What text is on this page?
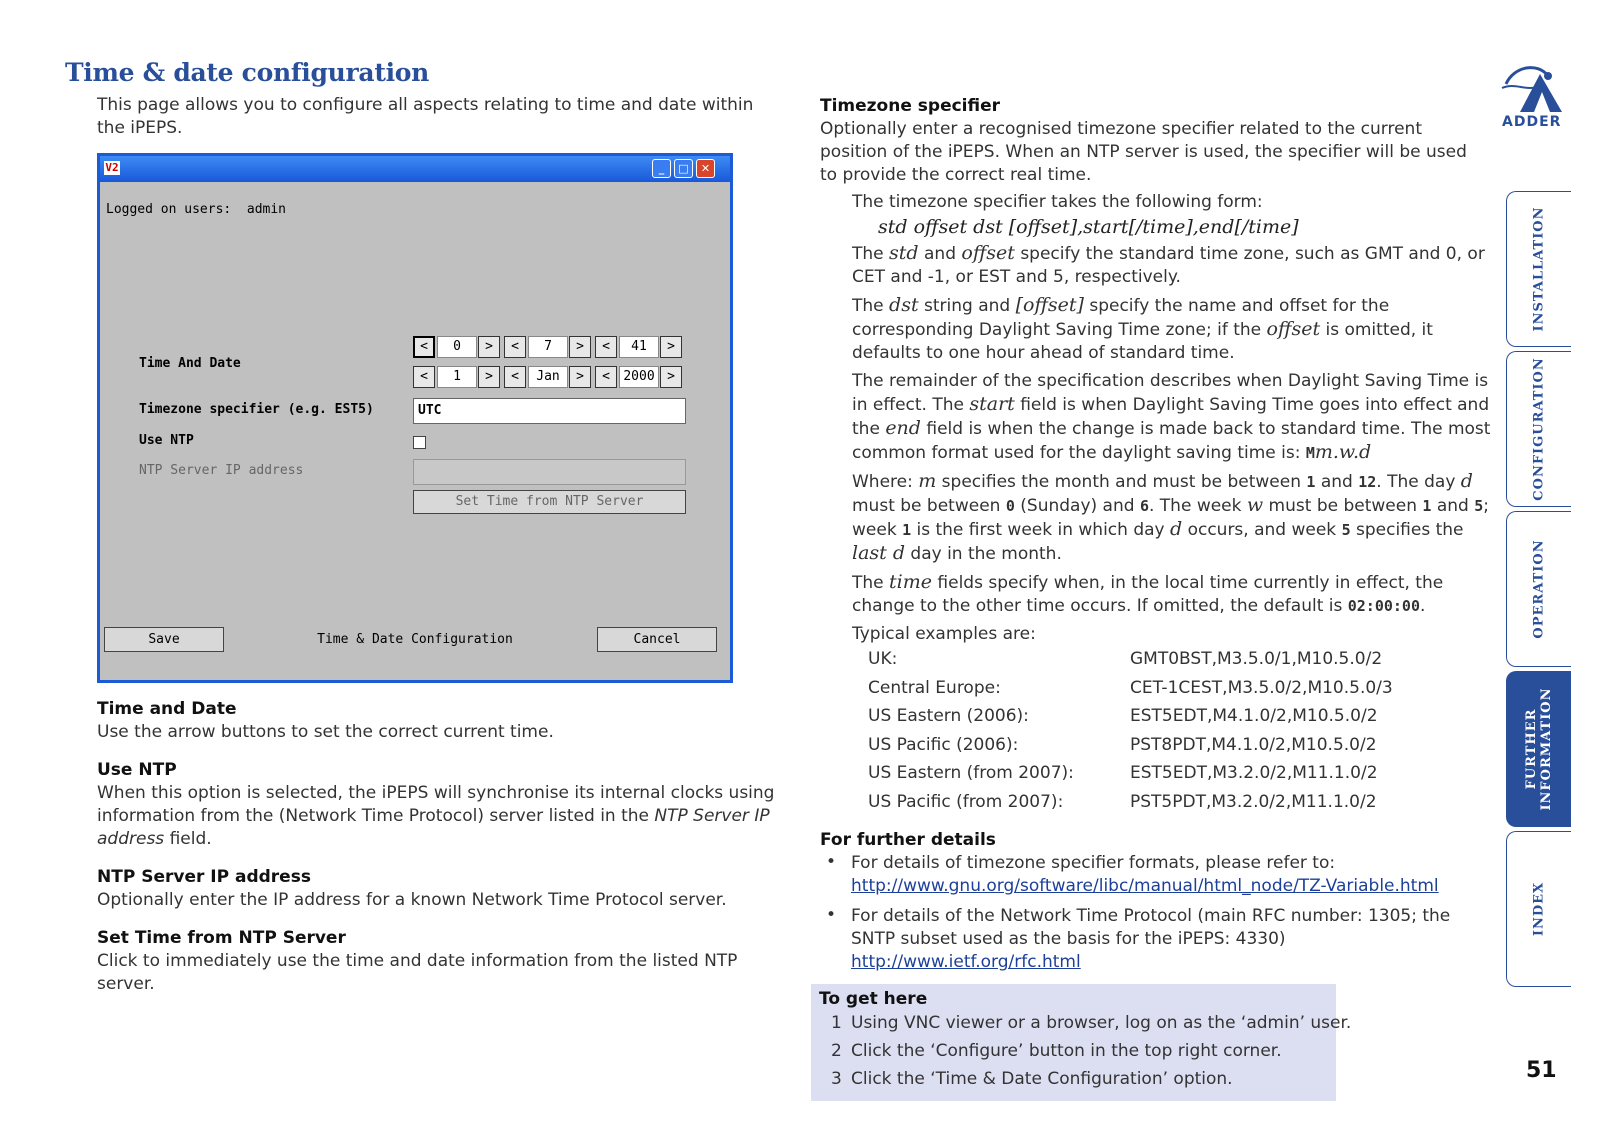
Time & date configuration
This page allows you to configure all aspects relating to time and date within the iPEPS.
V2	_	□	✕
Logged on users:  admin
Time And Date
<	0	>	<	7	>	<	41	>
<	1	>	<	Jan	>	<	2000 >
Timezone specifier (e.g. EST5)	UTC
Use NTP
NTP Server IP address
Set Time from NTP Server
Save	Time & Date Configuration	Cancel

Time and Date

Use the arrow buttons to set the correct current time.

Use NTP

When this option is selected, the iPEPS will synchronise its internal clocks using information from the (Network Time Protocol) server listed in the NTP Server IP address field.

NTP Server IP address

Optionally enter the IP address for a known Network Time Protocol server.

Set Time from NTP Server

Click to immediately use the time and date information from the listed NTP server.

Timezone specifier

Optionally enter a recognised timezone specifier related to the current position of the iPEPS. When an NTP server is used, the specifier will be used to provide the correct real time.

The timezone specifier takes the following form:

std offset dst [offset],start[/time],end[/time]

The std and offset specify the standard time zone, such as GMT and 0, or CET and -1, or EST and 5, respectively.

The dst string and [offset] specify the name and offset for the corresponding Daylight Saving Time zone; if the offset is omitted, it defaults to one hour ahead of standard time.

The remainder of the specification describes when Daylight Saving Time is in effect. The start field is when Daylight Saving Time goes into effect and the end field is when the change is made back to standard time. The most common format used for the daylight saving time is: Mm.w.d

Where: m specifies the month and must be between 1 and 12. The day d must be between 0 (Sunday) and 6. The week w must be between 1 and 5; week 1 is the first week in which day d occurs, and week 5 specifies the last d day in the month.

The time fields specify when, in the local time currently in effect, the change to the other time occurs. If omitted, the default is 02:00:00.

Typical examples are:

UK:	GMT0BST,M3.5.0/1,M10.5.0/2
Central Europe:	CET-1CEST,M3.5.0/2,M10.5.0/3
US Eastern (2006):	EST5EDT,M4.1.0/2,M10.5.0/2
US Pacific (2006):	PST8PDT,M4.1.0/2,M10.5.0/2
US Eastern (from 2007):	EST5EDT,M3.2.0/2,M11.1.0/2
US Pacific (from 2007):	PST5PDT,M3.2.0/2,M11.1.0/2

For further details

• For details of timezone specifier formats, please refer to:

http://www.gnu.org/software/libc/manual/html_node/TZ-Variable.html

• For details of the Network Time Protocol (main RFC number: 1305; the SNTP subset used as the basis for the iPEPS: 4330)

http://www.ietf.org/rfc.html

To get here

1 Using VNC viewer or a browser, log on as the ‘admin’ user.
2 Click the ‘Configure’ button in the top right corner.
3 Click the ‘Time & Date Configuration’ option.
ADDER
INSTALLATION
CONFIGURATION
OPERATION
FURTHER INFORMATION
INDEX
51
